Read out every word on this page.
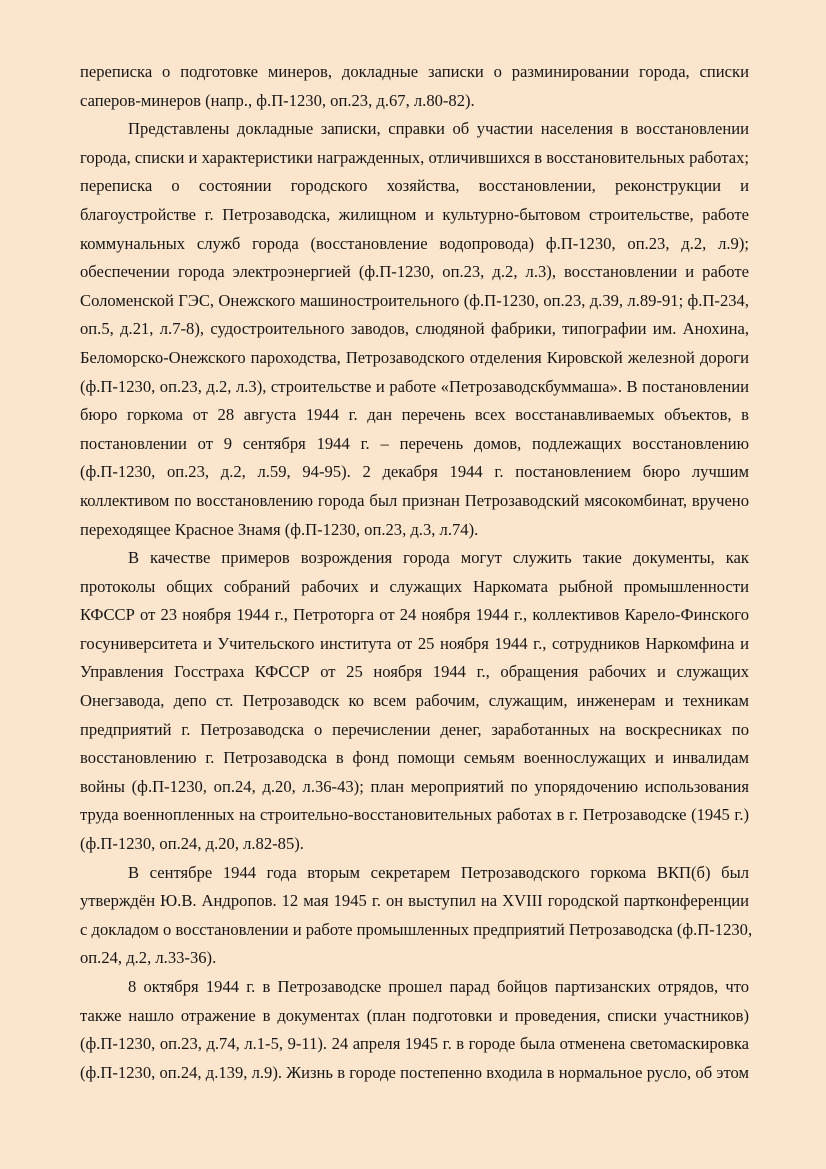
переписка о подготовке минеров, докладные записки о разминировании города, списки
саперов-минеров (напр., ф.П-1230, оп.23, д.67, л.80-82).
Представлены докладные записки, справки об участии населения в восстановлении
города, списки и характеристики награжденных, отличившихся в восстановительных работах;
переписка о состоянии городского хозяйства, восстановлении, реконструкции и
благоустройстве г. Петрозаводска, жилищном и культурно-бытовом строительстве, работе
коммунальных служб города (восстановление водопровода) ф.П-1230, оп.23, д.2, л.9);
обеспечении города электроэнергией (ф.П-1230, оп.23, д.2, л.3), восстановлении и работе
Соломенской ГЭС, Онежского машиностроительного (ф.П-1230, оп.23, д.39, л.89-91; ф.П-234,
оп.5, д.21, л.7-8), судостроительного заводов, слюдяной фабрики, типографии им. Анохина,
Беломорско-Онежского пароходства, Петрозаводского отделения Кировской железной дороги
(ф.П-1230, оп.23, д.2, л.3), строительстве и работе «Петрозаводскбуммаша». В постановлении
бюро горкома от 28 августа 1944 г. дан перечень всех восстанавливаемых объектов, в
постановлении от 9 сентября 1944 г. – перечень домов, подлежащих восстановлению
(ф.П-1230, оп.23, д.2, л.59, 94-95). 2 декабря 1944 г. постановлением бюро лучшим
коллективом по восстановлению города был признан Петрозаводский мясокомбинат, вручено
переходящее Красное Знамя (ф.П-1230, оп.23, д.3, л.74).
В качестве примеров возрождения города могут служить такие документы, как
протоколы общих собраний рабочих и служащих Наркомата рыбной промышленности
КФССР от 23 ноября 1944 г., Петроторга от 24 ноября 1944 г., коллективов Карело-Финского
госуниверситета и Учительского института от 25 ноября 1944 г., сотрудников Наркомфина и
Управления Госстраха КФССР от 25 ноября 1944 г., обращения рабочих и служащих
Онегзавода, депо ст. Петрозаводск ко всем рабочим, служащим, инженерам и техникам
предприятий г. Петрозаводска о перечислении денег, заработанных на воскресниках по
восстановлению г. Петрозаводска в фонд помощи семьям военнослужащих и инвалидам
войны (ф.П-1230, оп.24, д.20, л.36-43); план мероприятий по упорядочению использования
труда военнопленных на строительно-восстановительных работах в г. Петрозаводске (1945 г.)
(ф.П-1230, оп.24, д.20, л.82-85).
В сентябре 1944 года вторым секретарем Петрозаводского горкома ВКП(б) был
утверждён Ю.В. Андропов. 12 мая 1945 г. он выступил на XVIII городской партконференции
с докладом о восстановлении и работе промышленных предприятий Петрозаводска (ф.П-1230,
оп.24, д.2, л.33-36).
8 октября 1944 г. в Петрозаводске прошел парад бойцов партизанских отрядов, что
также нашло отражение в документах (план подготовки и проведения, списки участников)
(ф.П-1230, оп.23, д.74, л.1-5, 9-11). 24 апреля 1945 г. в городе была отменена светомаскировка
(ф.П-1230, оп.24, д.139, л.9). Жизнь в городе постепенно входила в нормальное русло, об этом
